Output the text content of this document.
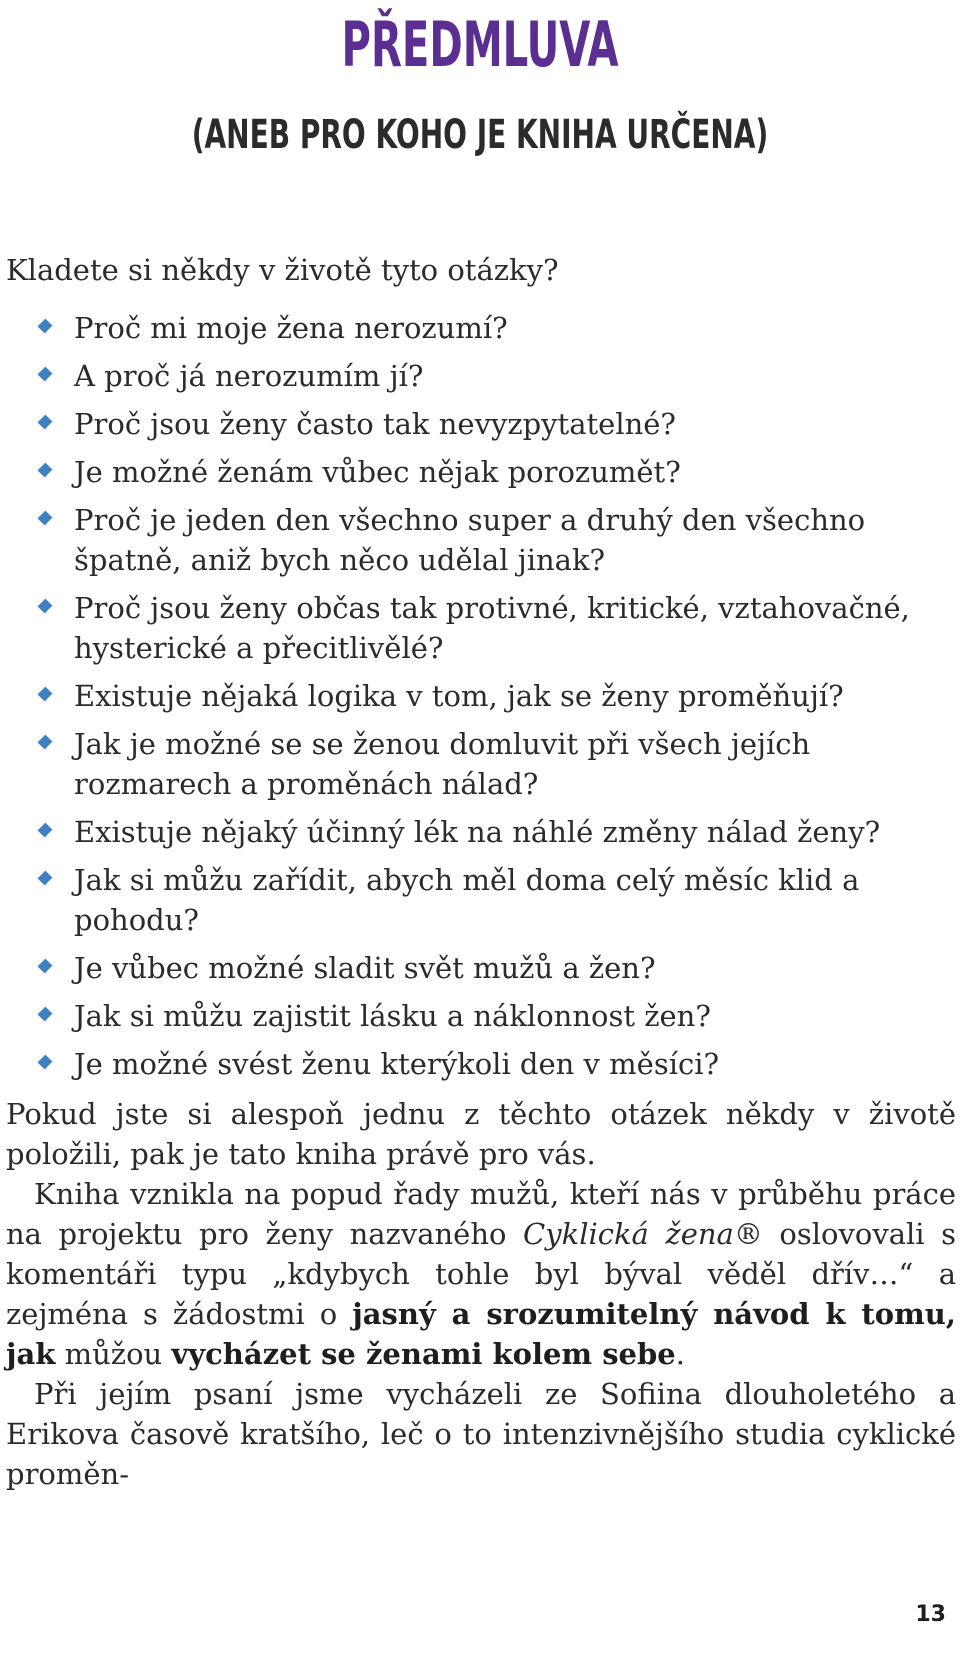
PŘEDMLUVA
(ANEB PRO KOHO JE KNIHA URČENA)

Kladete si někdy v životě tyto otázky?

Proč mi moje žena nerozumí?
A proč já nerozumím jí?
Proč jsou ženy často tak nevyzpytatelné?
Je možné ženám vůbec nějak porozumět?
Proč je jeden den všechno super a druhý den všechno špatně, aniž bych něco udělal jinak?
Proč jsou ženy občas tak protivné, kritické, vztahovačné, hysterické a přecitlivělé?
Existuje nějaká logika v tom, jak se ženy proměňují?
Jak je možné se se ženou domluvit při všech jejích rozmarech a proměnách nálad?
Existuje nějaký účinný lék na náhlé změny nálad ženy?
Jak si můžu zařídit, abych měl doma celý měsíc klid a pohodu?
Je vůbec možné sladit svět mužů a žen?
Jak si můžu zajistit lásku a náklonnost žen?
Je možné svést ženu kterýkoli den v měsíci?

Pokud jste si alespoň jednu z těchto otázek někdy v životě položili, pak je tato kniha právě pro vás.

Kniha vznikla na popud řady mužů, kteří nás v průběhu práce na projektu pro ženy nazvaného Cyklická žena® oslovovali s komentáři typu „kdybych tohle byl býval věděl dřív…“ a zejména s žádostmi o jasný a srozumitelný návod k tomu, jak můžou vycházet se ženami kolem sebe.

Při jejím psaní jsme vycházeli ze Sofiina dlouholetého a Erikova časově kratšího, leč o to intenzivnějšího studia cyklické proměn-

13
